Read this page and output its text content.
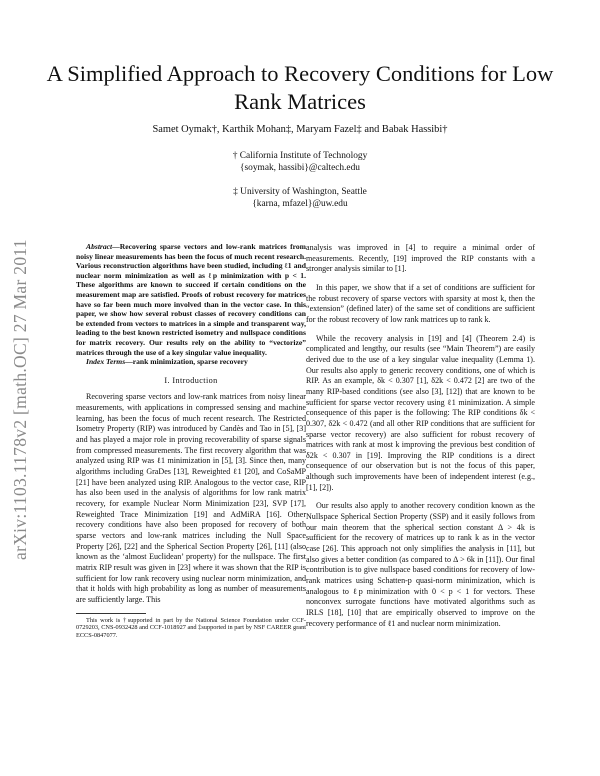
arXiv:1103.1178v2 [math.OC] 27 Mar 2011
A Simplified Approach to Recovery Conditions for Low Rank Matrices
Samet Oymak†, Karthik Mohan‡, Maryam Fazel‡ and Babak Hassibi†
† California Institute of Technology
{soymak, hassibi}@caltech.edu
‡ University of Washington, Seattle
{karna, mfazel}@uw.edu

Abstract—Recovering sparse vectors and low-rank matrices from noisy linear measurements has been the focus of much recent research. Various reconstruction algorithms have been studied, including ℓ1 and nuclear norm minimization as well as ℓp minimization with p < 1. These algorithms are known to succeed if certain conditions on the measurement map are satisfied. Proofs of robust recovery for matrices have so far been much more involved than in the vector case. In this paper, we show how several robust classes of recovery conditions can be extended from vectors to matrices in a simple and transparent way, leading to the best known restricted isometry and nullspace conditions for matrix recovery. Our results rely on the ability to “vectorize” matrices through the use of a key singular value inequality.

Index Terms—rank minimization, sparse recovery

I. Introduction

Recovering sparse vectors and low-rank matrices from noisy linear measurements, with applications in compressed sensing and machine learning, has been the focus of much recent research. The Restricted Isometry Property (RIP) was introduced by Candès and Tao in [5], [3] and has played a major role in proving recoverability of sparse signals from compressed measurements. The first recovery algorithm that was analyzed using RIP was ℓ1 minimization in [5], [3]. Since then, many algorithms including GraDes [13], Reweighted ℓ1 [20], and CoSaMP [21] have been analyzed using RIP. Analogous to the vector case, RIP has also been used in the analysis of algorithms for low rank matrix recovery, for example Nuclear Norm Minimization [23], SVP [17], Reweighted Trace Minimization [19] and AdMiRA [16]. Other recovery conditions have also been proposed for recovery of both sparse vectors and low-rank matrices including the Null Space Property [26], [22] and the Spherical Section Property [26], [11] (also known as the ‘almost Euclidean’ property) for the nullspace. The first matrix RIP result was given in [23] where it was shown that the RIP is sufficient for low rank recovery using nuclear norm minimization, and that it holds with high probability as long as number of measurements are sufficiently large. This

This work is †supported in part by the National Science Foundation under CCF-0729203, CNS-0932428 and CCF-1018927 and ‡supported in part by NSF CAREER grant ECCS-0847077.

analysis was improved in [4] to require a minimal order of measurements. Recently, [19] improved the RIP constants with a stronger analysis similar to [1].

In this paper, we show that if a set of conditions are sufficient for the robust recovery of sparse vectors with sparsity at most k, then the “extension” (defined later) of the same set of conditions are sufficient for the robust recovery of low rank matrices up to rank k.

While the recovery analysis in [19] and [4] (Theorem 2.4) is complicated and lengthy, our results (see “Main Theorem”) are easily derived due to the use of a key singular value inequality (Lemma 1). Our results also apply to generic recovery conditions, one of which is RIP. As an example, δk < 0.307 [1], δ2k < 0.472 [2] are two of the many RIP-based conditions (see also [3], [12]) that are known to be sufficient for sparse vector recovery using ℓ1 minimization. A simple consequence of this paper is the following: The RIP conditions δk < 0.307, δ2k < 0.472 (and all other RIP conditions that are sufficient for sparse vector recovery) are also sufficient for robust recovery of matrices with rank at most k improving the previous best condition of δ2k < 0.307 in [19]. Improving the RIP conditions is a direct consequence of our observation but is not the focus of this paper, although such improvements have been of independent interest (e.g., [1], [2]).

Our results also apply to another recovery condition known as the Nullspace Spherical Section Property (SSP) and it easily follows from our main theorem that the spherical section constant Δ > 4k is sufficient for the recovery of matrices up to rank k as in the vector case [26]. This approach not only simplifies the analysis in [11], but also gives a better condition (as compared to Δ > 6k in [11]). Our final contribution is to give nullspace based conditions for recovery of low-rank matrices using Schatten-p quasi-norm minimization, which is analogous to ℓp minimization with 0 < p < 1 for vectors. These nonconvex surrogate functions have motivated algorithms such as IRLS [18], [10] that are empirically observed to improve on the recovery performance of ℓ1 and nuclear norm minimization.
